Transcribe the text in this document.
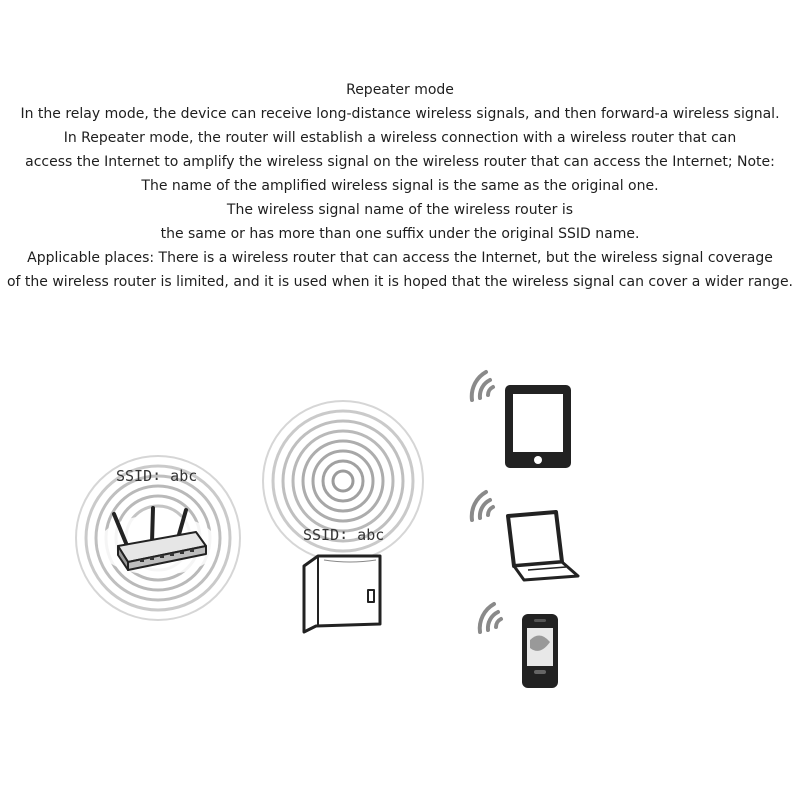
Repeater mode
In the relay mode, the device can receive long-distance wireless signals, and then forward-a wireless signal.
In Repeater mode, the router will establish a wireless connection with a wireless router that can
access the Internet to amplify the wireless signal on the wireless router that can access the Internet; Note:
The name of the amplified wireless signal is the same as the original one.
The wireless signal name of the wireless router is
the same or has more than one suffix under the original SSID name.
Applicable places: There is a wireless router that can access the Internet, but the wireless signal coverage
of the wireless router is limited, and it is used when it is hoped that the wireless signal can cover a wider range.
SSID∶ abc
SSID∶ abc
